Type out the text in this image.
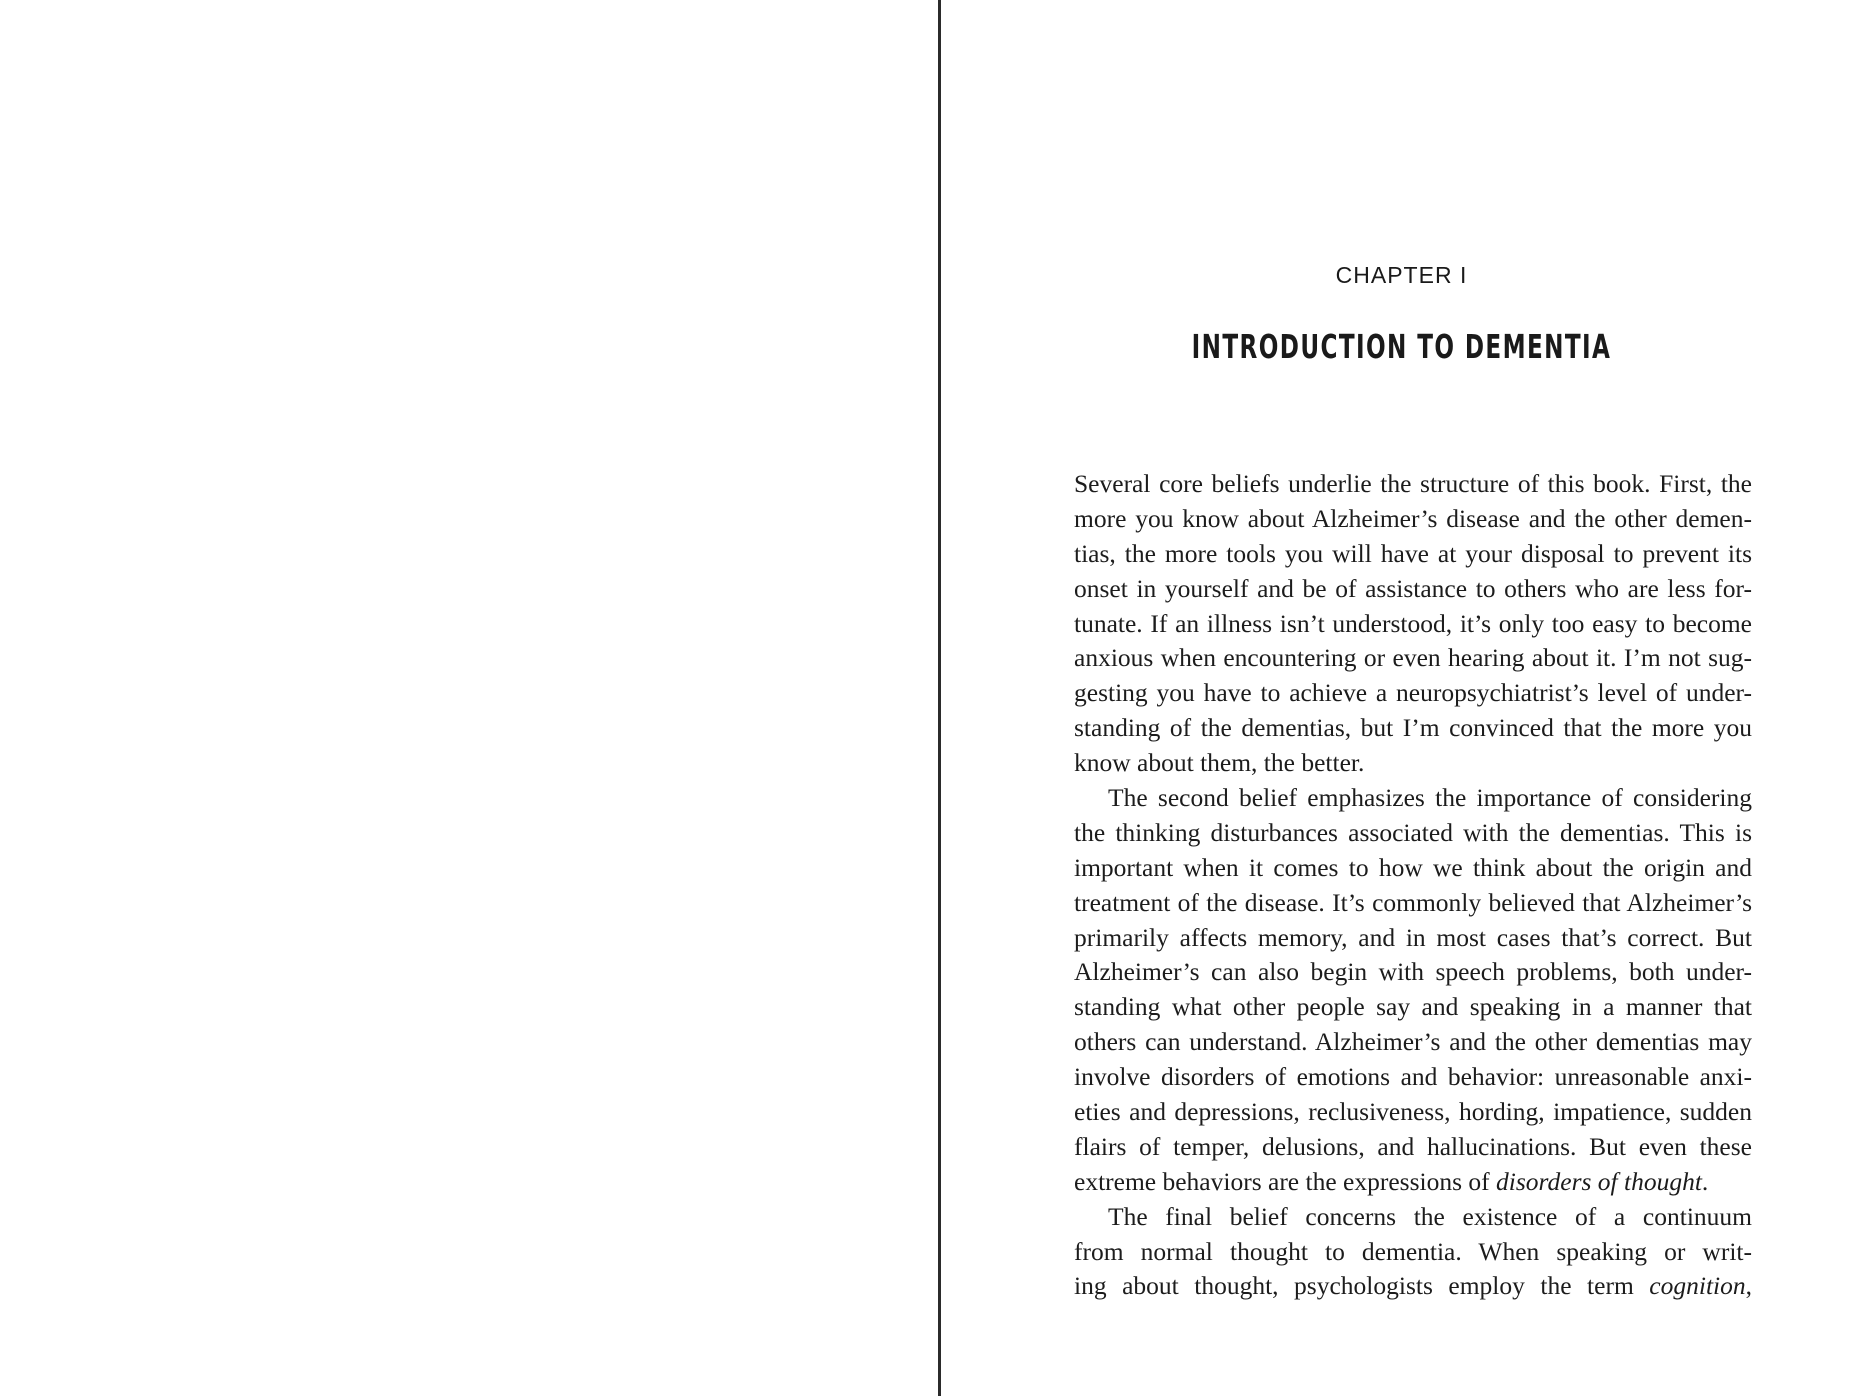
CHAPTER I
INTRODUCTION TO DEMENTIA
Several core beliefs underlie the structure of this book. First, the
more you know about Alzheimer’s disease and the other demen-
tias, the more tools you will have at your disposal to prevent its
onset in yourself and be of assistance to others who are less for-
tunate. If an illness isn’t understood, it’s only too easy to become
anxious when encountering or even hearing about it. I’m not sug-
gesting you have to achieve a neuropsychiatrist’s level of under-
standing of the dementias, but I’m convinced that the more you
know about them, the better.
The second belief emphasizes the importance of considering
the thinking disturbances associated with the dementias. This is
important when it comes to how we think about the origin and
treatment of the disease. It’s commonly believed that Alzheimer’s
primarily affects memory, and in most cases that’s correct. But
Alzheimer’s can also begin with speech problems, both under-
standing what other people say and speaking in a manner that
others can understand. Alzheimer’s and the other dementias may
involve disorders of emotions and behavior: unreasonable anxi-
eties and depressions, reclusiveness, hording, impatience, sudden
flairs of temper, delusions, and hallucinations. But even these
extreme behaviors are the expressions of disorders of thought.
The final belief concerns the existence of a continuum
from normal thought to dementia. When speaking or writ-
ing about thought, psychologists employ the term cognition,
